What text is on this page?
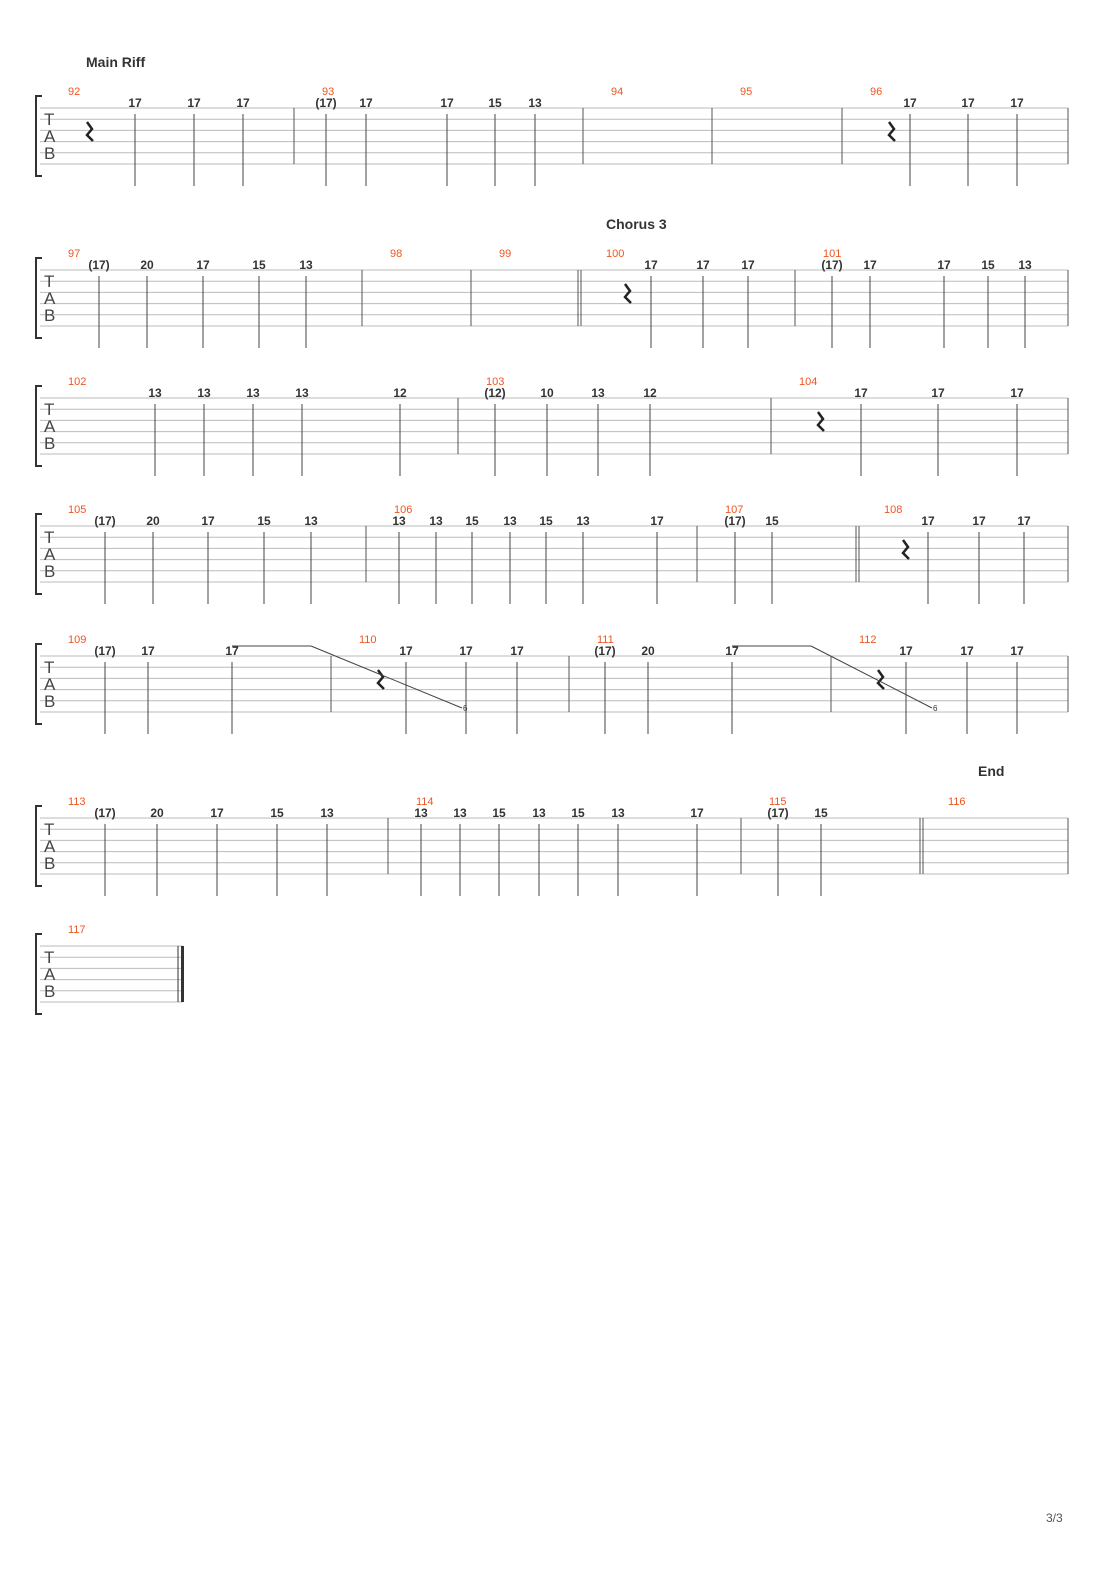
Main Riff
Chorus 3
End
T
A
B
92
17	17	17
93
(17) 17	17	15 13
94	95	96
17	17	17
T
A
B
97
(17)	20	17	15	13
98	99	100
17	17	17
101
(17) 17	17	15 13
T
A
B
102
13	13	13	13	12
103
(12)	10	13	12
104
17	17	17
T
A
B
105
(17)	20	17	15	13
106
13 13 15 13 15 13	17
107
(17) 15
108
17	17	17
T
A
B
109
(17) 17	17
110
17	17	17
111
(17) 20	17
112
17	17	17
6	6
T
A
B
113
(17)	20	17	15	13
114
13 13 15 13 15 13	17
115
(17) 15
116
T
A
B
117
3/3
